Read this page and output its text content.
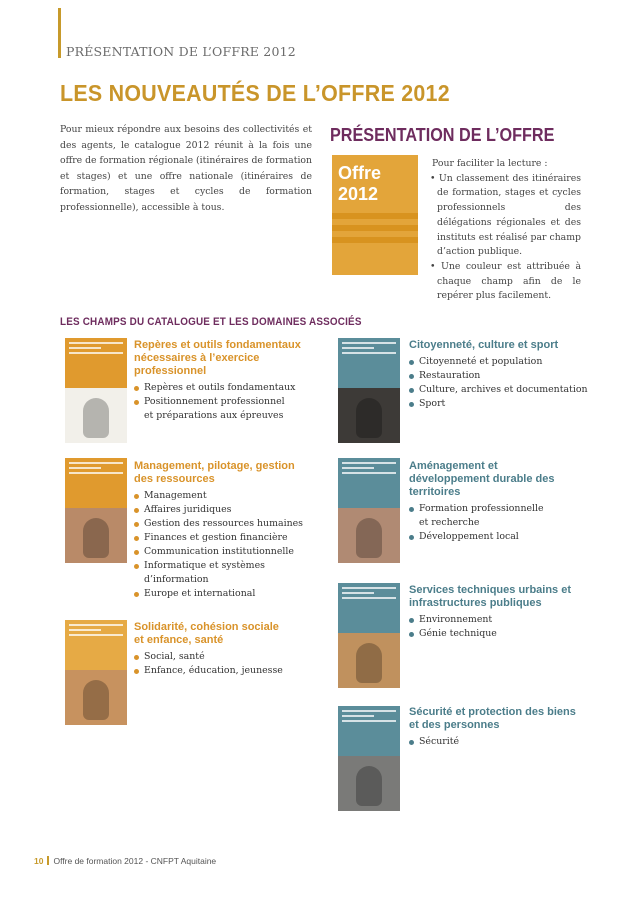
PRÉSENTATION DE L’OFFRE 2012
LES NOUVEAUTÉS DE L’OFFRE 2012
Pour mieux répondre aux besoins des collectivités et des agents, le catalogue 2012 réunit à la fois une offre de formation régionale (itinéraires de formation et stages) et une offre nationale (itinéraires de formation, stages et cycles de formation professionnelle), accessible à tous.
PRÉSENTATION DE L’OFFRE
Offre 2012
Pour faciliter la lecture :
• Un classement des itinéraires de formation, stages et cycles professionnels des délégations régionales et des instituts est réalisé par champ d’action publique.
• Une couleur est attribuée à chaque champ afin de le repérer plus facilement.
LES CHAMPS DU CATALOGUE ET LES DOMAINES ASSOCIÉS
Repères et outils fondamentaux nécessaires à l’exercice professionnel
Repères et outils fondamentaux
Positionnement professionnel
et préparations aux épreuves
Citoyenneté, culture et sport
Citoyenneté et population
Restauration
Culture, archives et documentation
Sport
Management, pilotage, gestion des ressources
Management
Affaires juridiques
Gestion des ressources humaines
Finances et gestion financière
Communication institutionnelle
Informatique et systèmes
d’information
Europe et international
Aménagement et développement durable des territoires
Formation professionnelle
et recherche
Développement local
Services techniques urbains et infrastructures publiques
Environnement
Génie technique
Solidarité, cohésion sociale et enfance, santé
Social, santé
Enfance, éducation, jeunesse
Sécurité et protection des biens et des personnes
Sécurité
10 Offre de formation 2012 - CNFPT Aquitaine
